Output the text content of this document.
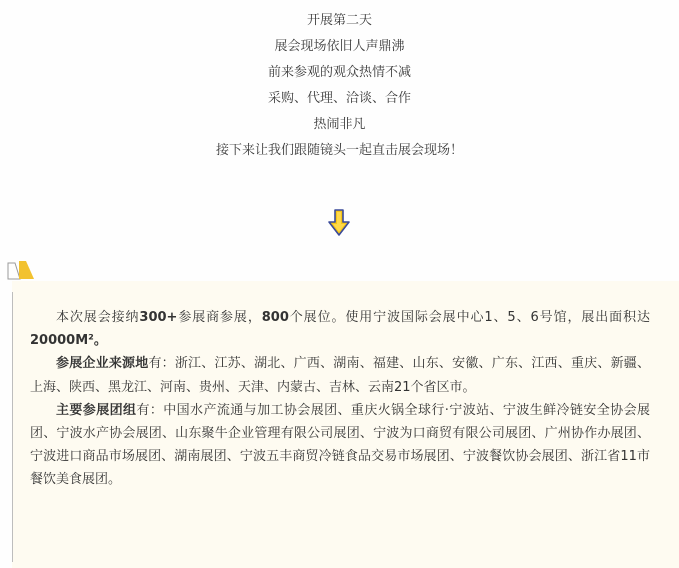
开展第二天
展会现场依旧人声鼎沸
前来参观的观众热情不减
采购、代理、洽谈、合作
热闹非凡
接下来让我们跟随镜头一起直击展会现场！

本次展会接纳300+参展商参展，800个展位。使用宁波国际会展中心1、5、6号馆，展出面积达20000M²。

参展企业来源地有：浙江、江苏、湖北、广西、湖南、福建、山东、安徽、广东、江西、重庆、新疆、上海、陕西、黑龙江、河南、贵州、天津、内蒙古、吉林、云南21个省区市。

主要参展团组有：中国水产流通与加工协会展团、重庆火锅全球行·宁波站、宁波生鲜冷链安全协会展团、宁波水产协会展团、山东聚牛企业管理有限公司展团、宁波为口商贸有限公司展团、广州协作办展团、宁波进口商品市场展团、湖南展团、宁波五丰商贸冷链食品交易市场展团、宁波餐饮协会展团、浙江省11市餐饮美食展团。
